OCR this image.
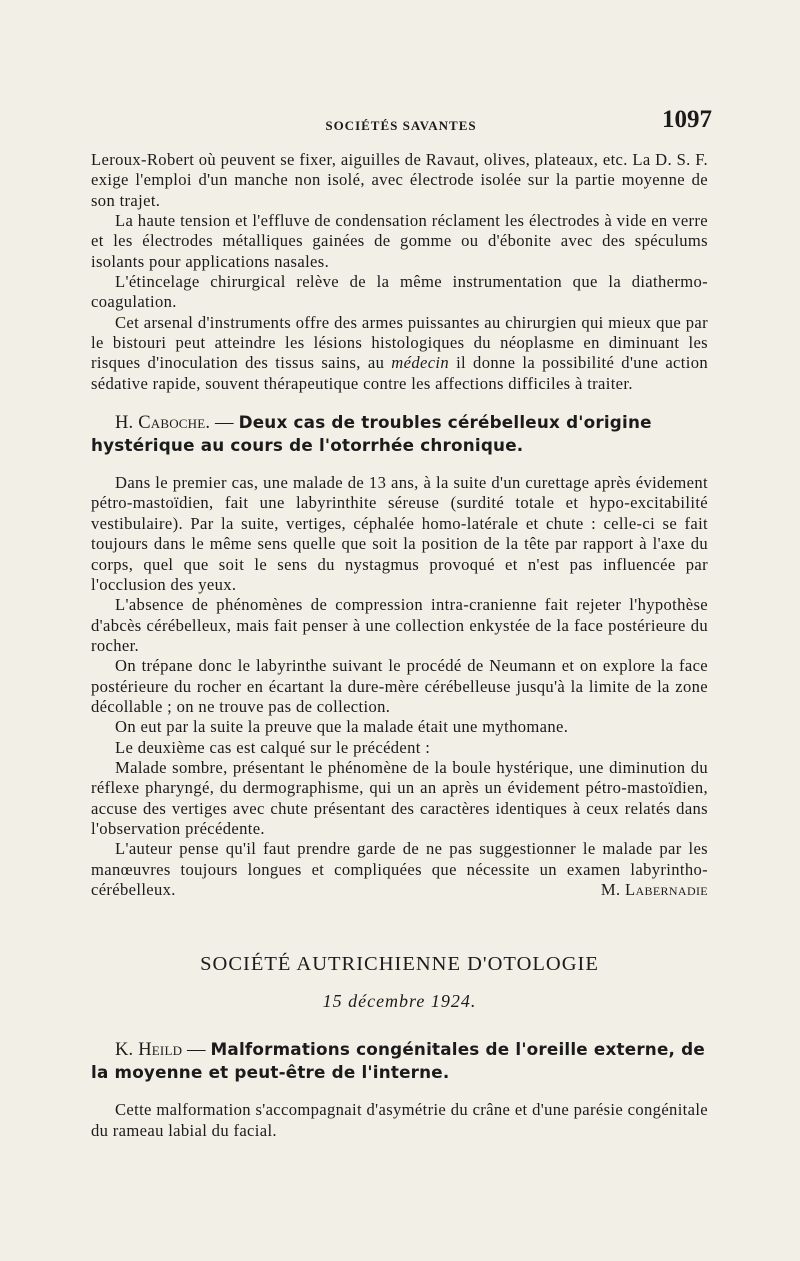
SOCIÉTÉS SAVANTES	1097

Leroux-Robert où peuvent se fixer, aiguilles de Ravaut, olives, plateaux, etc. La D. S. F. exige l'emploi d'un manche non isolé, avec électrode isolée sur la partie moyenne de son trajet.

La haute tension et l'effluve de condensation réclament les électrodes à vide en verre et les électrodes métalliques gainées de gomme ou d'ébonite avec des spéculums isolants pour applications nasales.

L'étincelage chirurgical relève de la même instrumentation que la diathermo-coagulation.

Cet arsenal d'instruments offre des armes puissantes au chirurgien qui mieux que par le bistouri peut atteindre les lésions histologiques du néoplasme en diminuant les risques d'inoculation des tissus sains, au médecin il donne la possibilité d'une action sédative rapide, souvent thérapeutique contre les affections difficiles à traiter.

H. Caboche. — Deux cas de troubles cérébelleux d'origine hystérique au cours de l'otorrhée chronique.

Dans le premier cas, une malade de 13 ans, à la suite d'un curettage après évidement pétro-mastoïdien, fait une labyrinthite séreuse (surdité totale et hypo-excitabilité vestibulaire). Par la suite, vertiges, céphalée homo-latérale et chute : celle-ci se fait toujours dans le même sens quelle que soit la position de la tête par rapport à l'axe du corps, quel que soit le sens du nystagmus provoqué et n'est pas influencée par l'occlusion des yeux.

L'absence de phénomènes de compression intra-cranienne fait rejeter l'hypothèse d'abcès cérébelleux, mais fait penser à une collection enkystée de la face postérieure du rocher.

On trépane donc le labyrinthe suivant le procédé de Neumann et on explore la face postérieure du rocher en écartant la dure-mère cérébelleuse jusqu'à la limite de la zone décollable ; on ne trouve pas de collection.

On eut par la suite la preuve que la malade était une mythomane.

Le deuxième cas est calqué sur le précédent :

Malade sombre, présentant le phénomène de la boule hystérique, une diminution du réflexe pharyngé, du dermographisme, qui un an après un évidement pétro-mastoïdien, accuse des vertiges avec chute présentant des caractères identiques à ceux relatés dans l'observation précédente.

L'auteur pense qu'il faut prendre garde de ne pas suggestionner le malade par les manœuvres toujours longues et compliquées que nécessite un examen labyrintho-cérébelleux.	M. Labernadie

SOCIÉTÉ AUTRICHIENNE D'OTOLOGIE

15 décembre 1924.

K. Heild — Malformations congénitales de l'oreille externe, de la moyenne et peut-être de l'interne.

Cette malformation s'accompagnait d'asymétrie du crâne et d'une parésie congénitale du rameau labial du facial.
